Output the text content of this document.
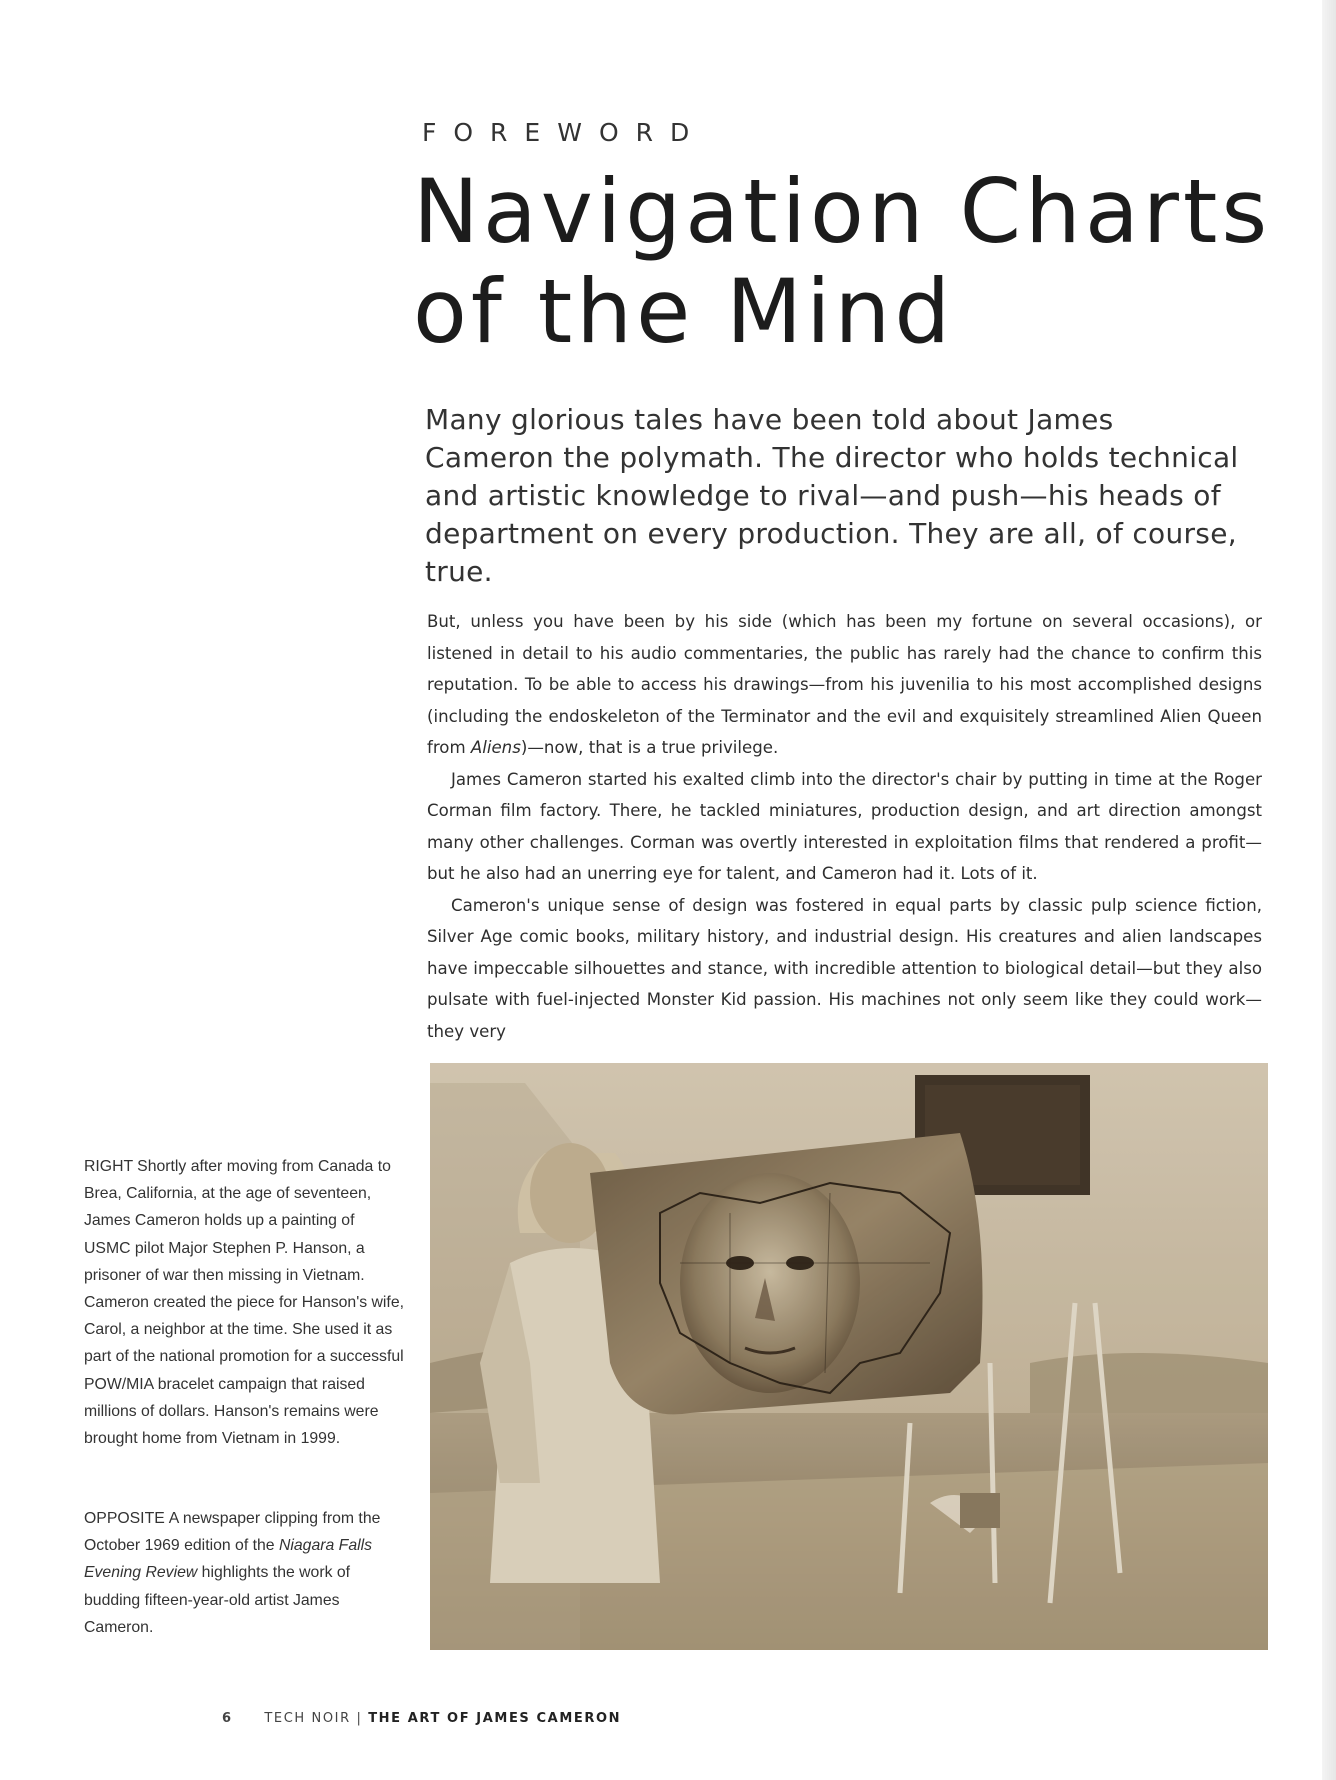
FOREWORD
Navigation Charts
of the Mind

Many glorious tales have been told about James Cameron the polymath. The director who holds technical and artistic knowledge to rival—and push—his heads of department on every production. They are all, of course, true.

But, unless you have been by his side (which has been my fortune on several occasions), or listened in detail to his audio commentaries, the public has rarely had the chance to confirm this reputation. To be able to access his drawings—from his juvenilia to his most accomplished designs (including the endoskeleton of the Terminator and the evil and exquisitely streamlined Alien Queen from Aliens)—now, that is a true privilege.

James Cameron started his exalted climb into the director's chair by putting in time at the Roger Corman film factory. There, he tackled miniatures, production design, and art direction amongst many other challenges. Corman was overtly interested in exploitation films that rendered a profit—but he also had an unerring eye for talent, and Cameron had it. Lots of it.

Cameron's unique sense of design was fostered in equal parts by classic pulp science fiction, Silver Age comic books, military history, and industrial design. His creatures and alien landscapes have impeccable silhouettes and stance, with incredible attention to biological detail—but they also pulsate with fuel-injected Monster Kid passion. His machines not only seem like they could work—they very

RIGHT Shortly after moving from Canada to Brea, California, at the age of seventeen, James Cameron holds up a painting of USMC pilot Major Stephen P. Hanson, a prisoner of war then missing in Vietnam. Cameron created the piece for Hanson's wife, Carol, a neighbor at the time. She used it as part of the national promotion for a successful POW/MIA bracelet campaign that raised millions of dollars. Hanson's remains were brought home from Vietnam in 1999.
OPPOSITE A newspaper clipping from the October 1969 edition of the Niagara Falls Evening Review highlights the work of budding fifteen-year-old artist James Cameron.
6 TECH NOIR | THE ART OF JAMES CAMERON
